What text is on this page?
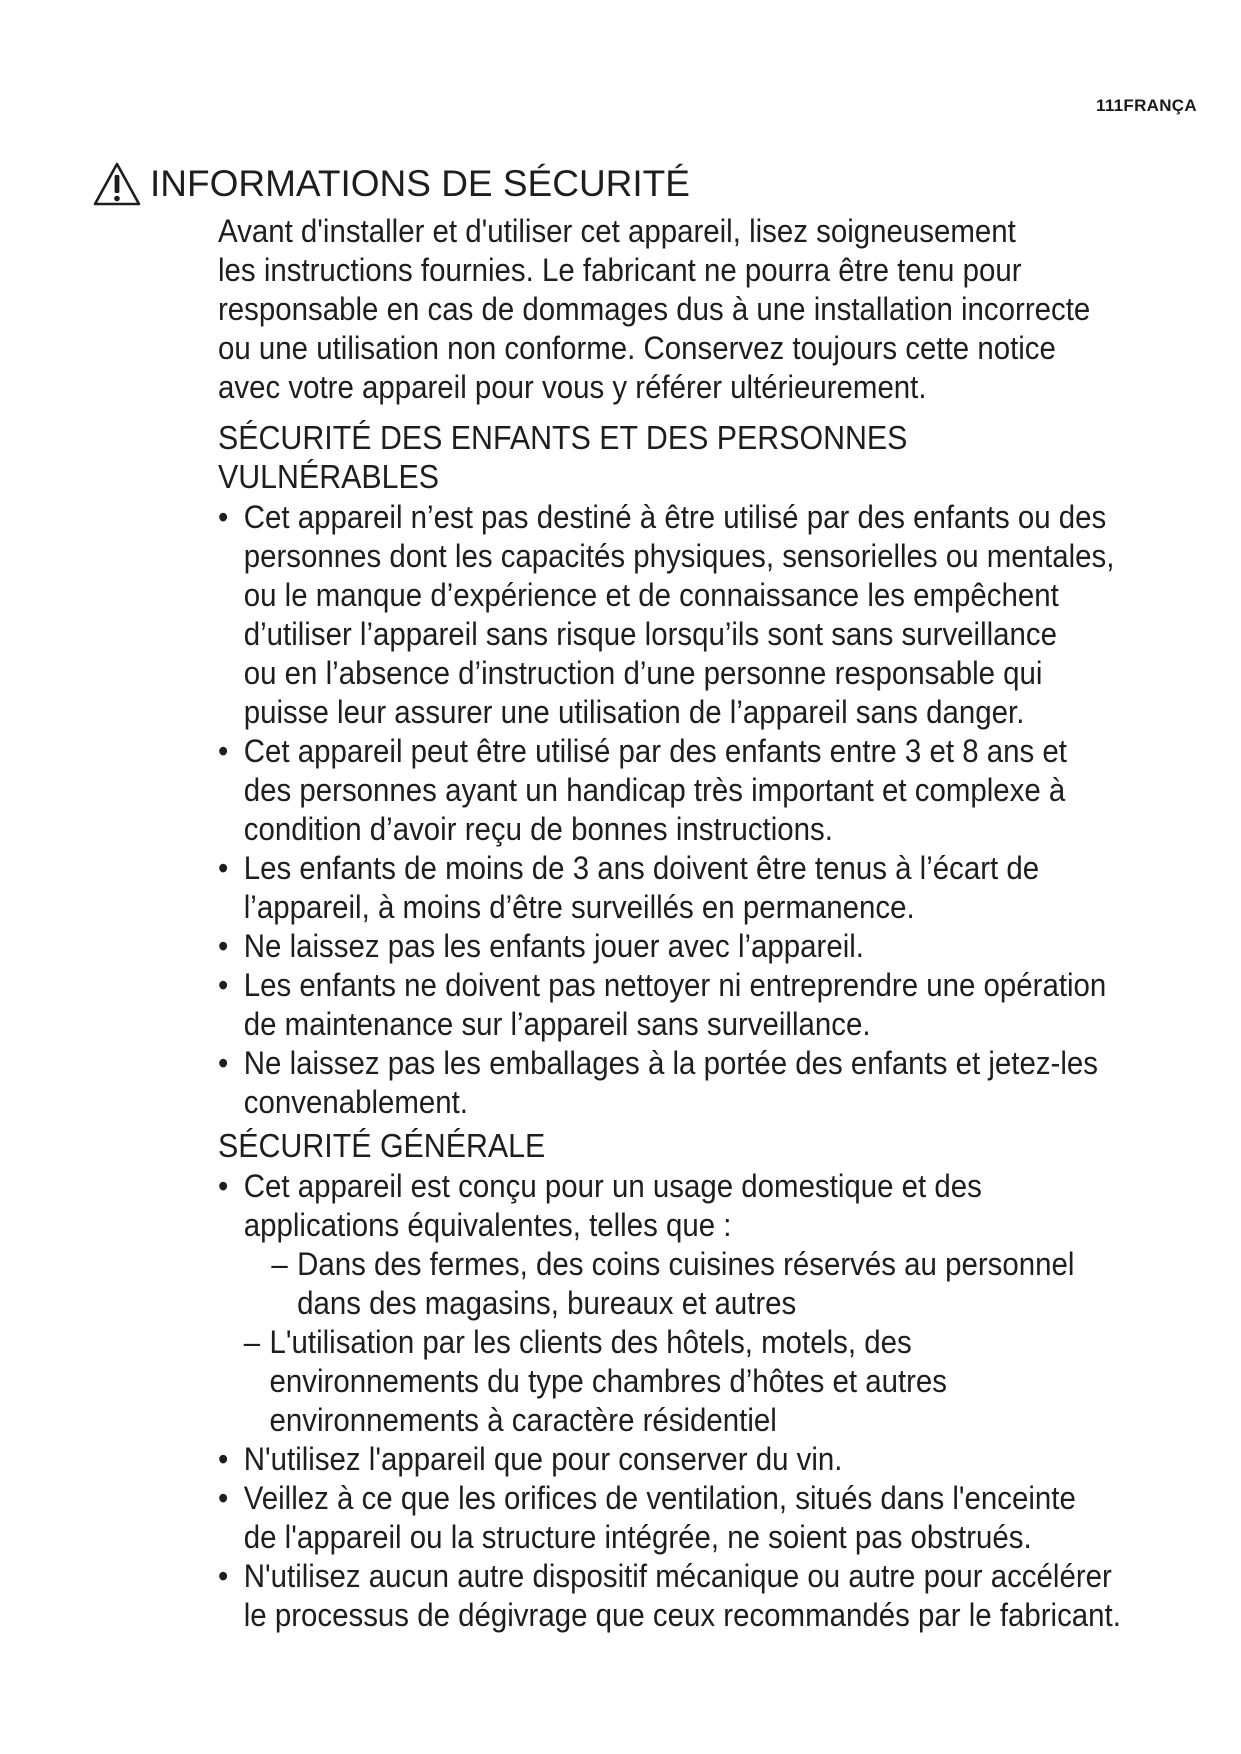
111FRANÇA
INFORMATIONS DE SÉCURITÉ

Avant d'installer et d'utiliser cet appareil, lisez soigneusement

les instructions fournies. Le fabricant ne pourra être tenu pour

responsable en cas de dommages dus à une installation incorrecte

ou une utilisation non conforme. Conservez toujours cette notice

avec votre appareil pour vous y référer ultérieurement.

SÉCURITÉ DES ENFANTS ET DES PERSONNES
VULNÉRABLES
• Cet appareil n’est pas destiné à être utilisé par des enfants ou des
personnes dont les capacités physiques, sensorielles ou mentales,
ou le manque d’expérience et de connaissance les empêchent
d’utiliser l’appareil sans risque lorsqu’ils sont sans surveillance
ou en l’absence d’instruction d’une personne responsable qui
puisse leur assurer une utilisation de l’appareil sans danger.
• Cet appareil peut être utilisé par des enfants entre 3 et 8 ans et
des personnes ayant un handicap très important et complexe à
condition d’avoir reçu de bonnes instructions.
• Les enfants de moins de 3 ans doivent être tenus à l’écart de
l’appareil, à moins d’être surveillés en permanence.
• Ne laissez pas les enfants jouer avec l’appareil.
• Les enfants ne doivent pas nettoyer ni entreprendre une opération
de maintenance sur l’appareil sans surveillance.
• Ne laissez pas les emballages à la portée des enfants et jetez-les
convenablement.
SÉCURITÉ GÉNÉRALE
• Cet appareil est conçu pour un usage domestique et des
applications équivalentes, telles que :
– Dans des fermes, des coins cuisines réservés au personnel
dans des magasins, bureaux et autres
– L'utilisation par les clients des hôtels, motels, des
environnements du type chambres d’hôtes et autres
environnements à caractère résidentiel
• N'utilisez l'appareil que pour conserver du vin.
• Veillez à ce que les orifices de ventilation, situés dans l'enceinte
de l'appareil ou la structure intégrée, ne soient pas obstrués.
• N'utilisez aucun autre dispositif mécanique ou autre pour accélérer
le processus de dégivrage que ceux recommandés par le fabricant.
